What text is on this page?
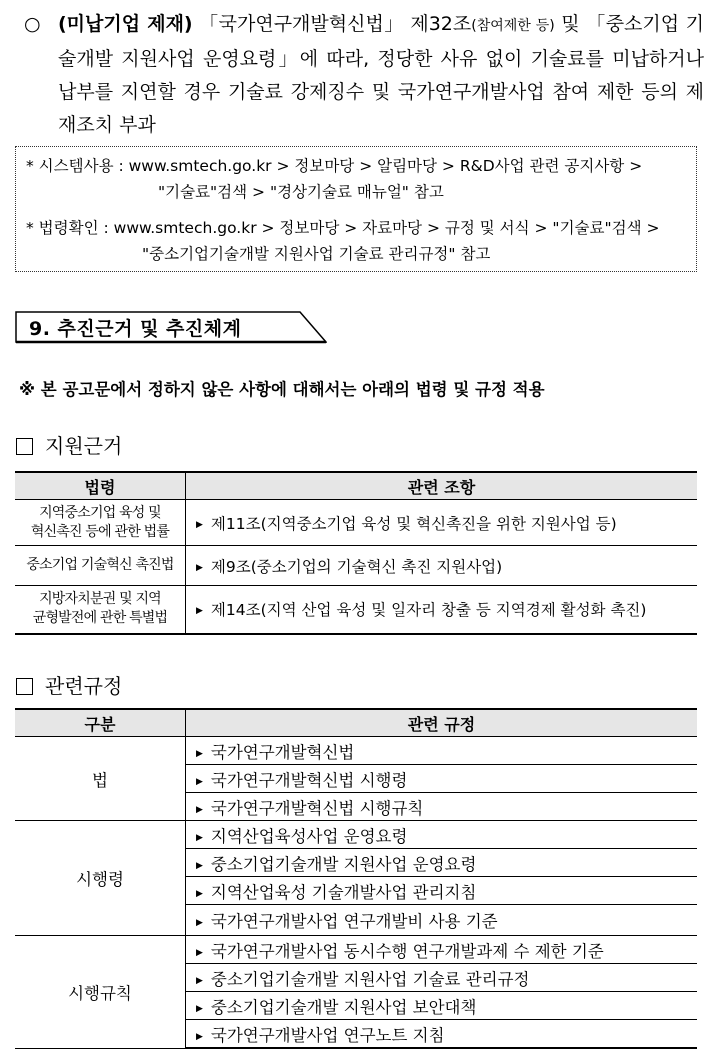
○ (미납기업 제재) 「국가연구개발혁신법」 제32조(참여제한 등) 및 「중소기업 기술개발 지원사업 운영요령」에 따라, 정당한 사유 없이 기술료를 미납하거나 납부를 지연할 경우 기술료 강제징수 및 국가연구개발사업 참여 제한 등의 제재조치 부과
* 시스템사용 : www.smtech.go.kr > 정보마당 > 알림마당 > R&D사업 관련 공지사항 >
"기술료"검색 > "경상기술료 매뉴얼" 참고
* 법령확인 : www.smtech.go.kr > 정보마당 > 자료마당 > 규정 및 서식 > "기술료"검색 >
"중소기업기술개발 지원사업 기술료 관리규정" 참고
9. 추진근거 및 추진체계
※ 본 공고문에서 정하지 않은 사항에 대해서는 아래의 법령 및 규정 적용
지원근거
법령	관련 조항

지역중소기업 육성 및
혁신촉진 등에 관한 법률	▶ 제11조(지역중소기업 육성 및 혁신촉진을 위한 지원사업 등)
중소기업 기술혁신 촉진법	▶ 제9조(중소기업의 기술혁신 촉진 지원사업)

지방자치분권 및 지역
균형발전에 관한 특별법	▶ 제14조(지역 산업 육성 및 일자리 창출 등 지역경제 활성화 촉진)
관련규정
구분	관련 규정
법	▶ 국가연구개발혁신법
	▶ 국가연구개발혁신법 시행령
	▶ 국가연구개발혁신법 시행규칙
시행령	▶ 지역산업육성사업 운영요령
	▶ 중소기업기술개발 지원사업 운영요령
	▶ 지역산업육성 기술개발사업 관리지침
	▶ 국가연구개발사업 연구개발비 사용 기준
시행규칙	▶ 국가연구개발사업 동시수행 연구개발과제 수 제한 기준
	▶ 중소기업기술개발 지원사업 기술료 관리규정
	▶ 중소기업기술개발 지원사업 보안대책
	▶ 국가연구개발사업 연구노트 지침
